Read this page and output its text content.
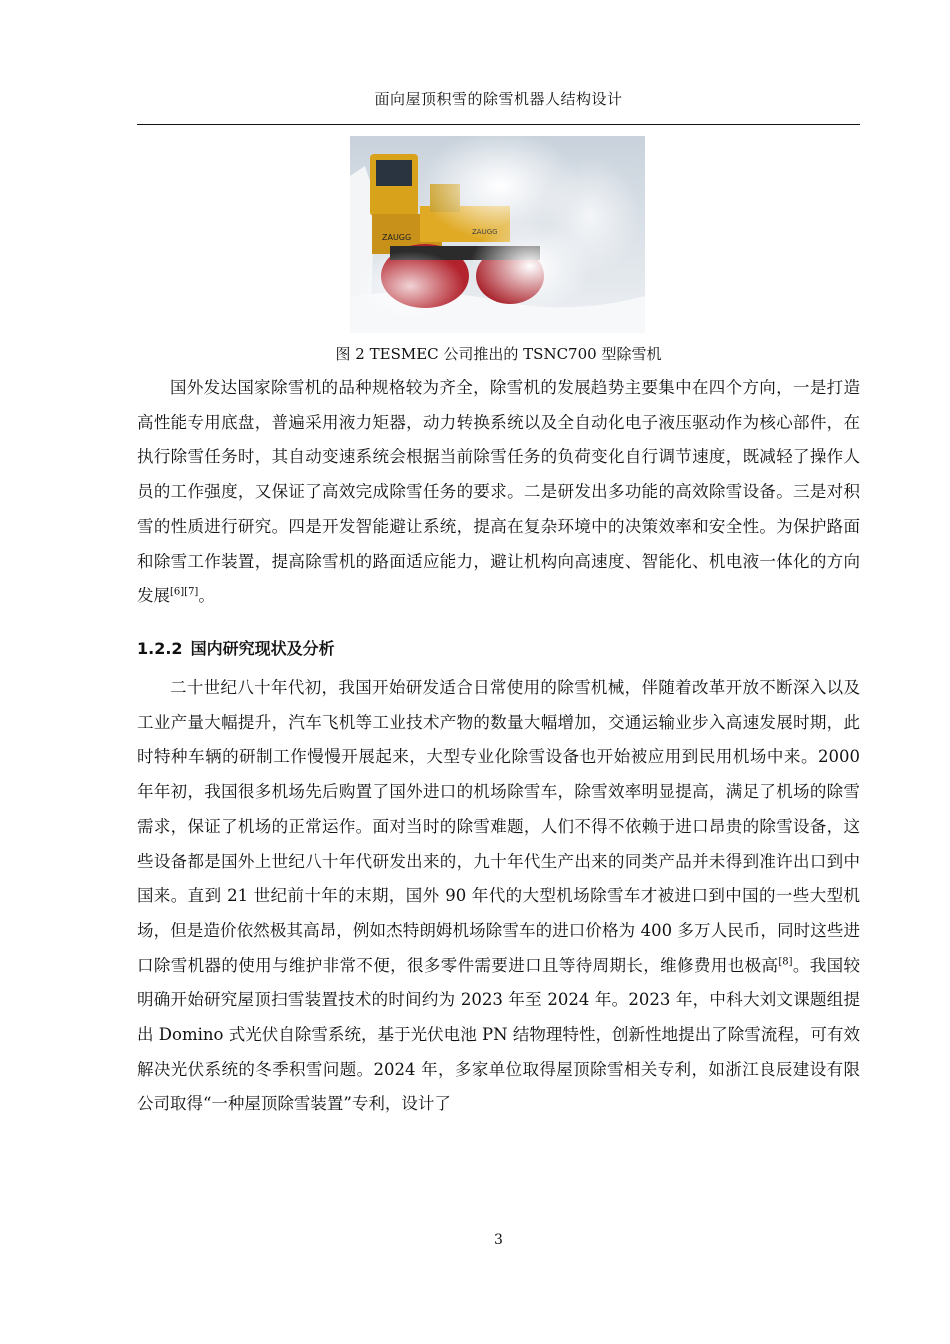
面向屋顶积雪的除雪机器人结构设计
ZAUGG
图 2 TESMEC 公司推出的 TSNC700 型除雪机

国外发达国家除雪机的品种规格较为齐全，除雪机的发展趋势主要集中在四个方向，一是打造高性能专用底盘，普遍采用液力矩器，动力转换系统以及全自动化电子液压驱动作为核心部件，在执行除雪任务时，其自动变速系统会根据当前除雪任务的负荷变化自行调节速度，既减轻了操作人员的工作强度，又保证了高效完成除雪任务的要求。二是研发出多功能的高效除雪设备。三是对积雪的性质进行研究。四是开发智能避让系统，提高在复杂环境中的决策效率和安全性。为保护路面和除雪工作装置，提高除雪机的路面适应能力，避让机构向高速度、智能化、机电液一体化的方向发展[6][7]。

1.2.2 国内研究现状及分析

二十世纪八十年代初，我国开始研发适合日常使用的除雪机械，伴随着改革开放不断深入以及工业产量大幅提升，汽车飞机等工业技术产物的数量大幅增加，交通运输业步入高速发展时期，此时特种车辆的研制工作慢慢开展起来，大型专业化除雪设备也开始被应用到民用机场中来。2000 年年初，我国很多机场先后购置了国外进口的机场除雪车，除雪效率明显提高，满足了机场的除雪需求，保证了机场的正常运作。面对当时的除雪难题，人们不得不依赖于进口昂贵的除雪设备，这些设备都是国外上世纪八十年代研发出来的，九十年代生产出来的同类产品并未得到准许出口到中国来。直到 21 世纪前十年的末期，国外 90 年代的大型机场除雪车才被进口到中国的一些大型机场，但是造价依然极其高昂，例如杰特朗姆机场除雪车的进口价格为 400 多万人民币，同时这些进口除雪机器的使用与维护非常不便，很多零件需要进口且等待周期长，维修费用也极高[8]。我国较明确开始研究屋顶扫雪装置技术的时间约为 2023 年至 2024 年。2023 年，中科大刘文课题组提出 Domino 式光伏自除雪系统，基于光伏电池 PN 结物理特性，创新性地提出了除雪流程，可有效解决光伏系统的冬季积雪问题。2024 年，多家单位取得屋顶除雪相关专利，如浙江良辰建设有限公司取得“一种屋顶除雪装置”专利，设计了

3
